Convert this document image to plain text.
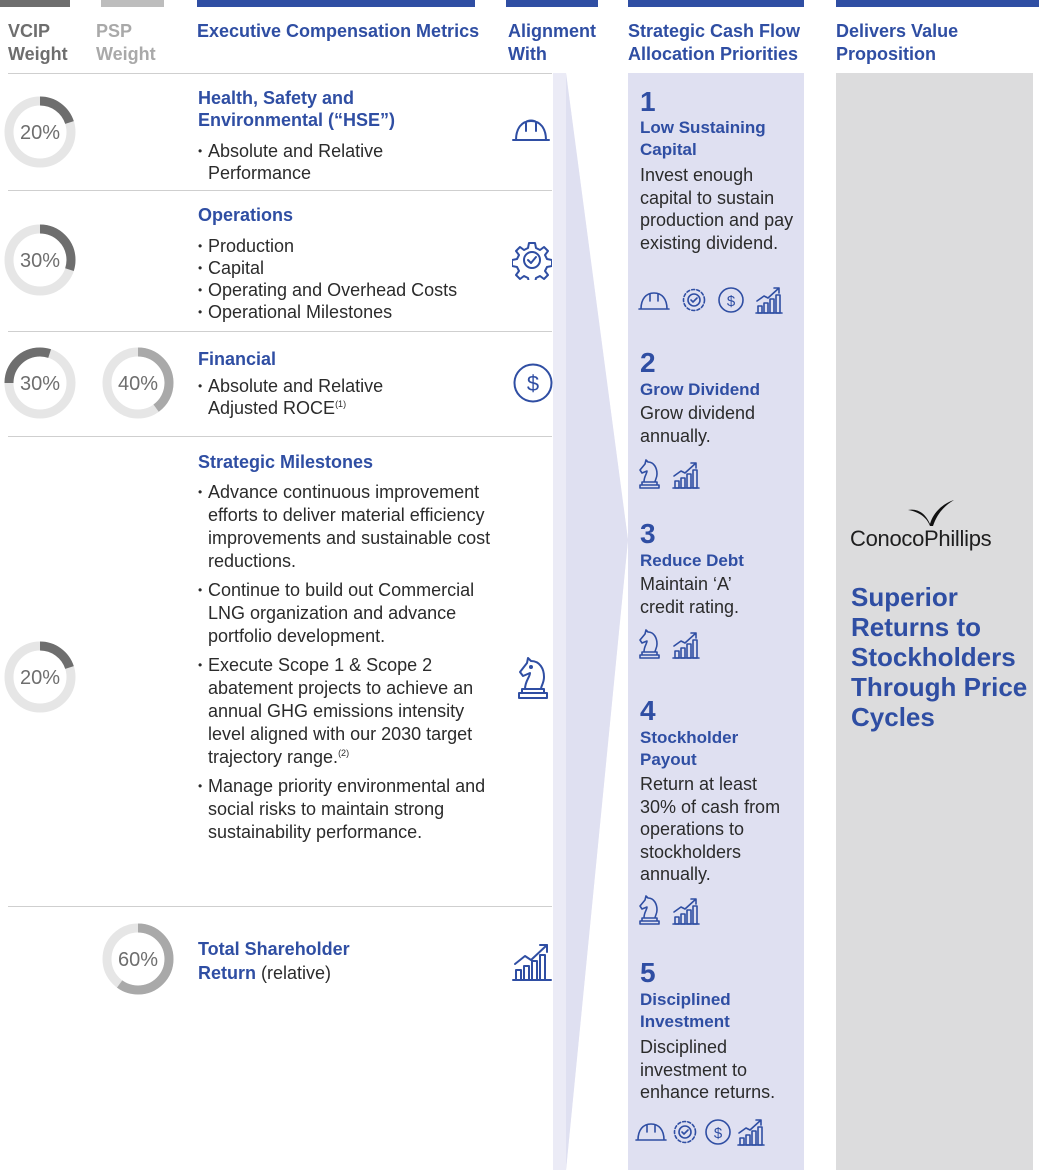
VCIP
Weight
PSP
Weight
Executive Compensation Metrics Alignment
With
Strategic Cash Flow
Allocation Priorities
Delivers Value
Proposition
20%
30%
30%	40%
20%
60%
Health, Safety and
Environmental (“HSE”)
• Absolute and Relative
Performance
Operations
• Production
• Capital
• Operating and Overhead Costs
• Operational Milestones
Financial
• Absolute and Relative
Adjusted ROCE$^{(1)}$
Strategic Milestones
• Advance continuous improvement efforts to deliver material efficiency improvements and sustainable cost reductions.
• Continue to build out Commercial LNG organization and advance portfolio development.
• Execute Scope 1 & Scope 2 abatement projects to achieve an annual GHG emissions intensity level aligned with our 2030 target trajectory range.$^{(2)}$
• Manage priority environmental and social risks to maintain strong sustainability performance.
Total Shareholder
Return (relative)
$
1
Low Sustaining Capital
Invest enough capital to sustain production and pay existing dividend.
$
2
Grow Dividend
Grow dividend annually.
3
Reduce Debt
Maintain ‘A’ credit rating.
4
Stockholder Payout
Return at least 30% of cash from operations to stockholders annually.
5
Disciplined Investment
Disciplined investment to enhance returns.
$
ConocoPhillips
Superior Returns to Stockholders Through Price Cycles
